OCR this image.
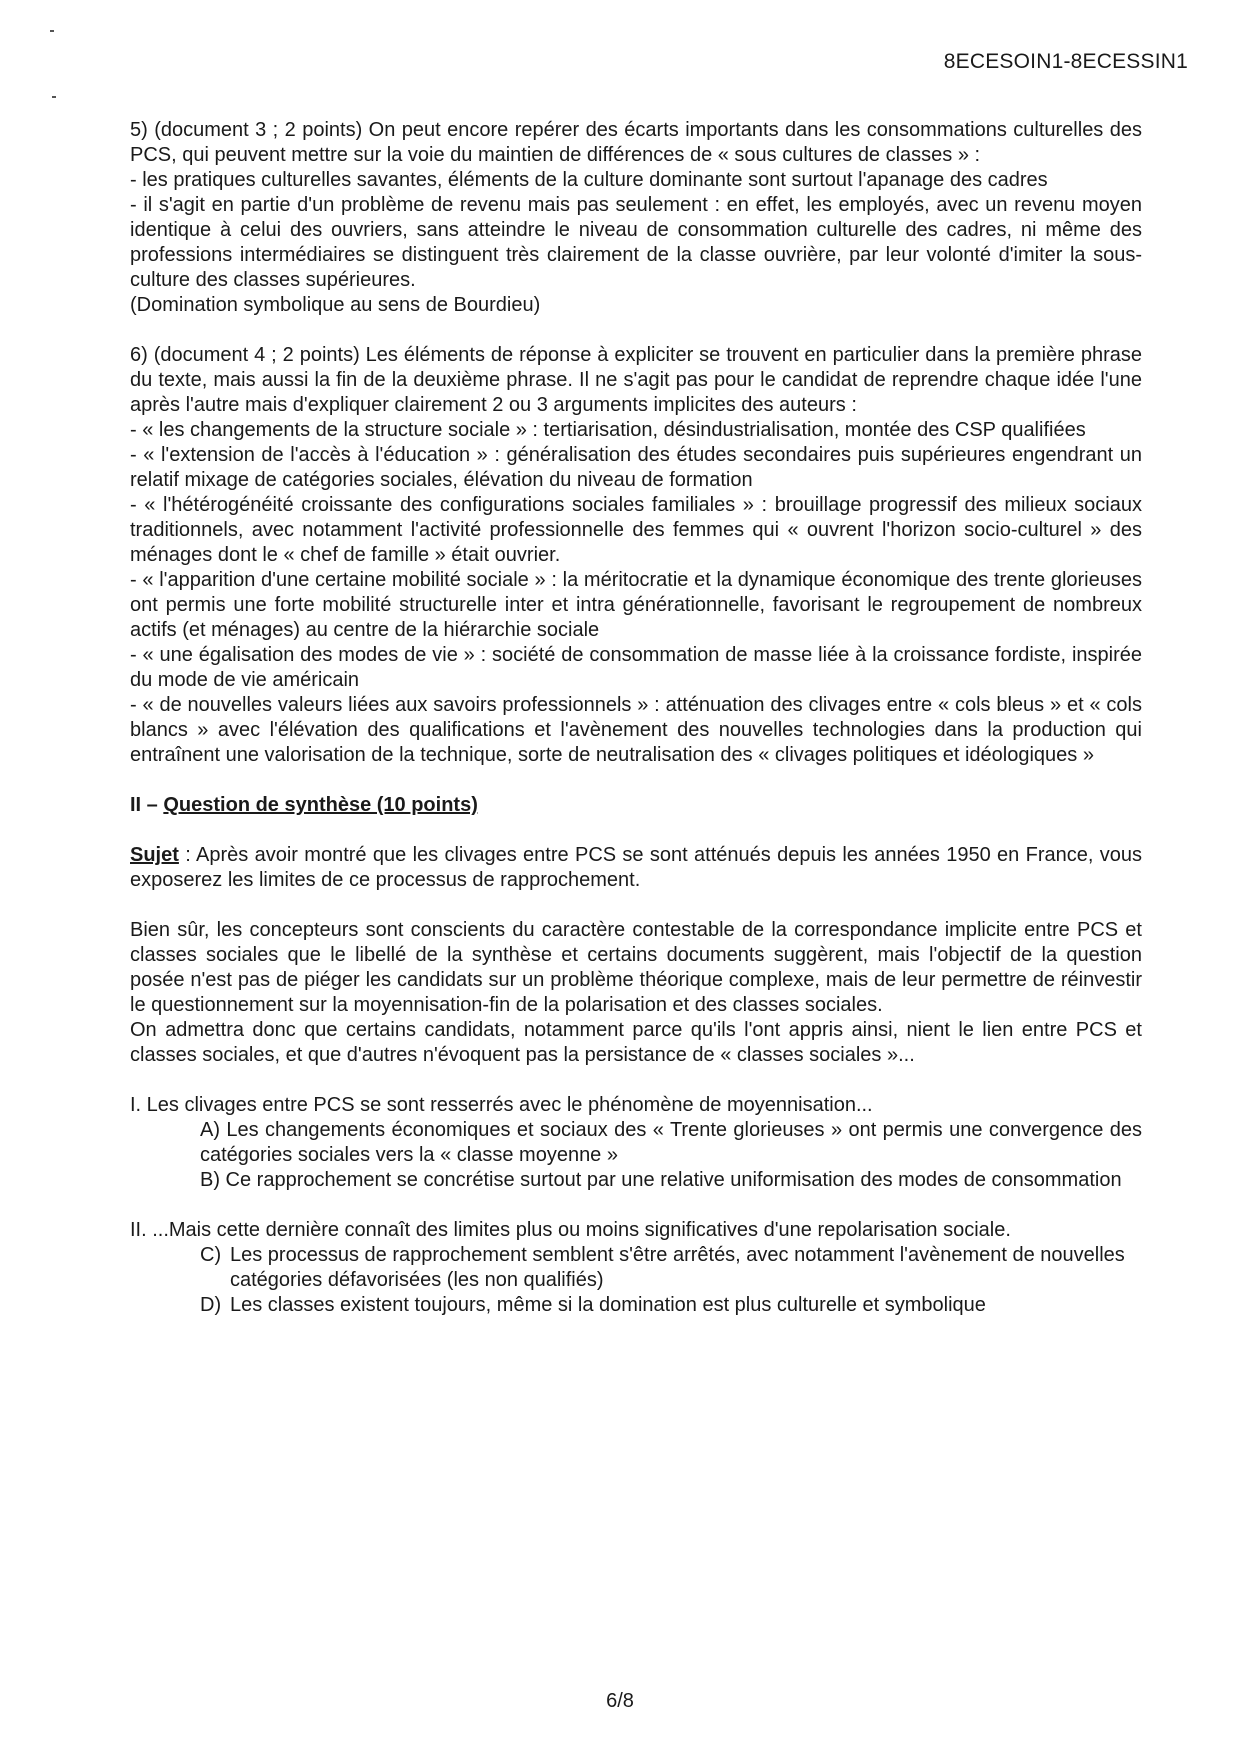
8ECESOIN1-8ECESSIN1

5) (document 3 ; 2 points) On peut encore repérer des écarts importants dans les consommations culturelles des PCS, qui peuvent mettre sur la voie du maintien de différences de « sous cultures de classes » :

- les pratiques culturelles savantes, éléments de la culture dominante sont surtout l'apanage des cadres

- il s'agit en partie d'un problème de revenu mais pas seulement : en effet, les employés, avec un revenu moyen identique à celui des ouvriers, sans atteindre le niveau de consommation culturelle des cadres, ni même des professions intermédiaires se distinguent très clairement de la classe ouvrière, par leur volonté d'imiter la sous-culture des classes supérieures.

(Domination symbolique au sens de Bourdieu)

6) (document 4 ; 2 points) Les éléments de réponse à expliciter se trouvent en particulier dans la première phrase du texte, mais aussi la fin de la deuxième phrase. Il ne s'agit pas pour le candidat de reprendre chaque idée l'une après l'autre mais d'expliquer clairement 2 ou 3 arguments implicites des auteurs :

- « les changements de la structure sociale » : tertiarisation, désindustrialisation, montée des CSP qualifiées

- « l'extension de l'accès à l'éducation » : généralisation des études secondaires puis supérieures engendrant un relatif mixage de catégories sociales, élévation du niveau de formation

- « l'hétérogénéité croissante des configurations sociales familiales » : brouillage progressif des milieux sociaux traditionnels, avec notamment l'activité professionnelle des femmes qui « ouvrent l'horizon socio-culturel » des ménages dont le « chef de famille » était ouvrier.

- « l'apparition d'une certaine mobilité sociale » : la méritocratie et la dynamique économique des trente glorieuses ont permis une forte mobilité structurelle inter et intra générationnelle, favorisant le regroupement de nombreux actifs (et ménages) au centre de la hiérarchie sociale

- « une égalisation des modes de vie » : société de consommation de masse liée à la croissance fordiste, inspirée du mode de vie américain

- « de nouvelles valeurs liées aux savoirs professionnels » : atténuation des clivages entre « cols bleus » et « cols blancs » avec l'élévation des qualifications et l'avènement des nouvelles technologies dans la production qui entraînent une valorisation de la technique, sorte de neutralisation des « clivages politiques et idéologiques »

II – Question de synthèse (10 points)

Sujet : Après avoir montré que les clivages entre PCS se sont atténués depuis les années 1950 en France, vous exposerez les limites de ce processus de rapprochement.

Bien sûr, les concepteurs sont conscients du caractère contestable de la correspondance implicite entre PCS et classes sociales que le libellé de la synthèse et certains documents suggèrent, mais l'objectif de la question posée n'est pas de piéger les candidats sur un problème théorique complexe, mais de leur permettre de réinvestir le questionnement sur la moyennisation-fin de la polarisation et des classes sociales.

On admettra donc que certains candidats, notamment parce qu'ils l'ont appris ainsi, nient le lien entre PCS et classes sociales, et que d'autres n'évoquent pas la persistance de « classes sociales »...

I. Les clivages entre PCS se sont resserrés avec le phénomène de moyennisation...

A) Les changements économiques et sociaux des « Trente glorieuses » ont permis une convergence des catégories sociales vers la « classe moyenne »

B) Ce rapprochement se concrétise surtout par une relative uniformisation des modes de consommation

II. ...Mais cette dernière connaît des limites plus ou moins significatives d'une repolarisation sociale.

C) Les processus de rapprochement semblent s'être arrêtés, avec notamment l'avènement de nouvelles catégories défavorisées (les non qualifiés)
D) Les classes existent toujours, même si la domination est plus culturelle et symbolique
6/8
